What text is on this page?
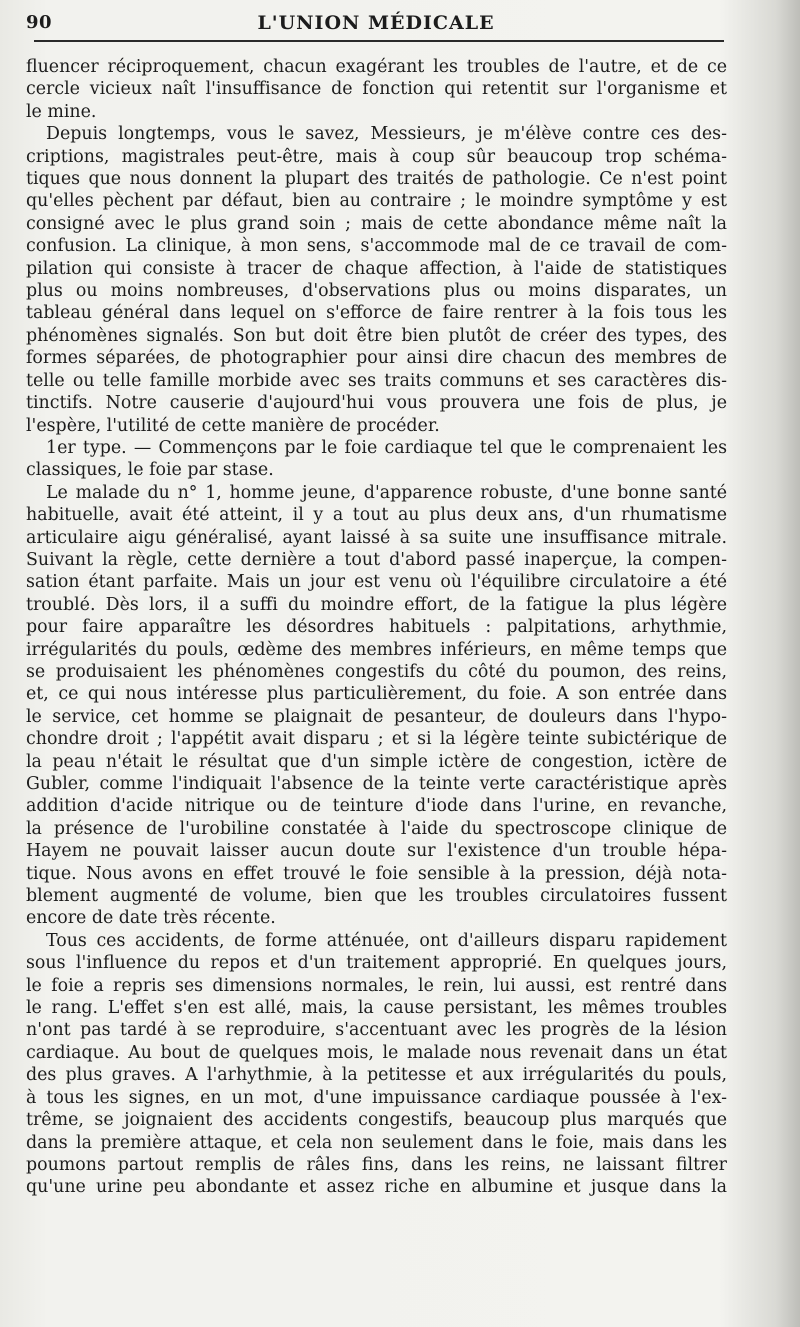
90	L'UNION MÉDICALE
fluencer réciproquement, chacun exagérant les troubles de l'autre, et de ce
cercle vicieux naît l'insuffisance de fonction qui retentit sur l'organisme et
le mine.
Depuis longtemps, vous le savez, Messieurs, je m'élève contre ces des-
criptions, magistrales peut-être, mais à coup sûr beaucoup trop schéma-
tiques que nous donnent la plupart des traités de pathologie. Ce n'est point
qu'elles pèchent par défaut, bien au contraire ; le moindre symptôme y est
consigné avec le plus grand soin ; mais de cette abondance même naît la
confusion. La clinique, à mon sens, s'accommode mal de ce travail de com-
pilation qui consiste à tracer de chaque affection, à l'aide de statistiques
plus ou moins nombreuses, d'observations plus ou moins disparates, un
tableau général dans lequel on s'efforce de faire rentrer à la fois tous les
phénomènes signalés. Son but doit être bien plutôt de créer des types, des
formes séparées, de photographier pour ainsi dire chacun des membres de
telle ou telle famille morbide avec ses traits communs et ses caractères dis-
tinctifs. Notre causerie d'aujourd'hui vous prouvera une fois de plus, je
l'espère, l'utilité de cette manière de procéder.
1er type. — Commençons par le foie cardiaque tel que le comprenaient les
classiques, le foie par stase.
Le malade du n° 1, homme jeune, d'apparence robuste, d'une bonne santé
habituelle, avait été atteint, il y a tout au plus deux ans, d'un rhumatisme
articulaire aigu généralisé, ayant laissé à sa suite une insuffisance mitrale.
Suivant la règle, cette dernière a tout d'abord passé inaperçue, la compen-
sation étant parfaite. Mais un jour est venu où l'équilibre circulatoire a été
troublé. Dès lors, il a suffi du moindre effort, de la fatigue la plus légère
pour faire apparaître les désordres habituels : palpitations, arhythmie,
irrégularités du pouls, œdème des membres inférieurs, en même temps que
se produisaient les phénomènes congestifs du côté du poumon, des reins,
et, ce qui nous intéresse plus particulièrement, du foie. A son entrée dans
le service, cet homme se plaignait de pesanteur, de douleurs dans l'hypo-
chondre droit ; l'appétit avait disparu ; et si la légère teinte subictérique de
la peau n'était le résultat que d'un simple ictère de congestion, ictère de
Gubler, comme l'indiquait l'absence de la teinte verte caractéristique après
addition d'acide nitrique ou de teinture d'iode dans l'urine, en revanche,
la présence de l'urobiline constatée à l'aide du spectroscope clinique de
Hayem ne pouvait laisser aucun doute sur l'existence d'un trouble hépa-
tique. Nous avons en effet trouvé le foie sensible à la pression, déjà nota-
blement augmenté de volume, bien que les troubles circulatoires fussent
encore de date très récente.
Tous ces accidents, de forme atténuée, ont d'ailleurs disparu rapidement
sous l'influence du repos et d'un traitement approprié. En quelques jours,
le foie a repris ses dimensions normales, le rein, lui aussi, est rentré dans
le rang. L'effet s'en est allé, mais, la cause persistant, les mêmes troubles
n'ont pas tardé à se reproduire, s'accentuant avec les progrès de la lésion
cardiaque. Au bout de quelques mois, le malade nous revenait dans un état
des plus graves. A l'arhythmie, à la petitesse et aux irrégularités du pouls,
à tous les signes, en un mot, d'une impuissance cardiaque poussée à l'ex-
trême, se joignaient des accidents congestifs, beaucoup plus marqués que
dans la première attaque, et cela non seulement dans le foie, mais dans les
poumons partout remplis de râles fins, dans les reins, ne laissant filtrer
qu'une urine peu abondante et assez riche en albumine et jusque dans la
